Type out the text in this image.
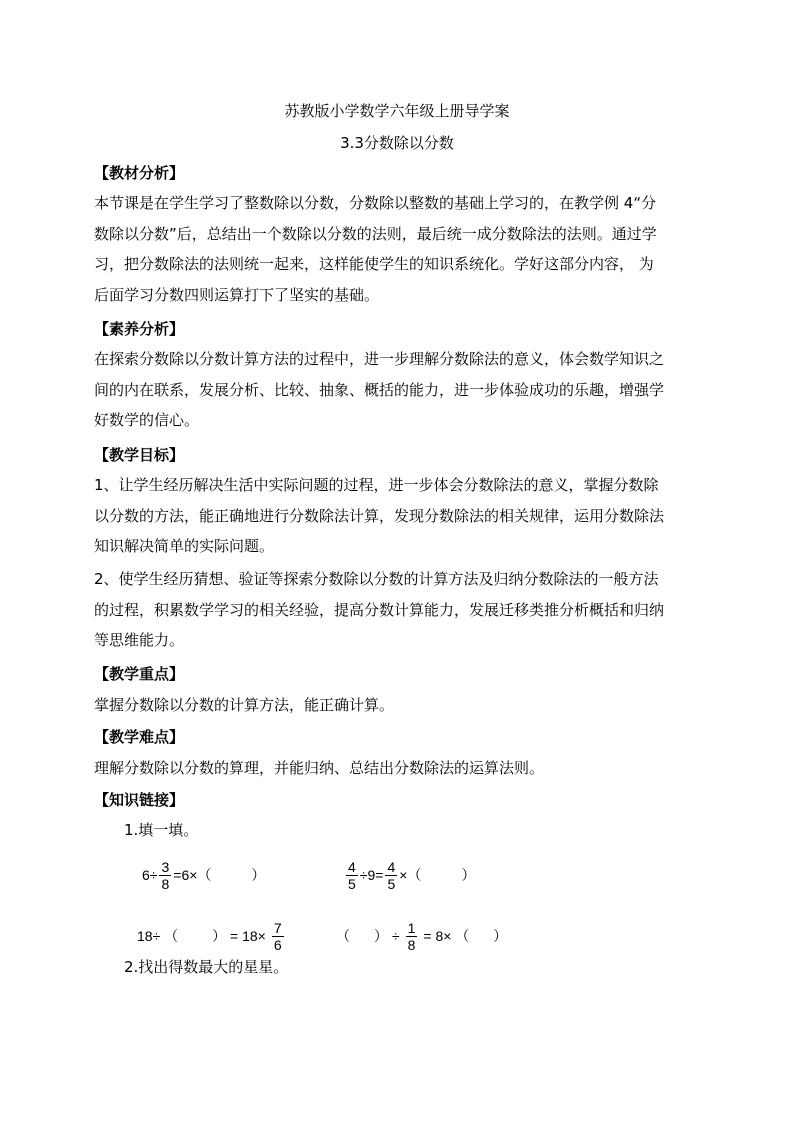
苏教版小学数学六年级上册导学案
3.3分数除以分数
【教材分析】
本节课是在学生学习了整数除以分数，分数除以整数的基础上学习的，在教学例 4“分
数除以分数”后，总结出一个数除以分数的法则，最后统一成分数除法的法则。通过学
习，把分数除法的法则统一起来，这样能使学生的知识系统化。学好这部分内容， 为
后面学习分数四则运算打下了坚实的基础。
【素养分析】
在探索分数除以分数计算方法的过程中，进一步理解分数除法的意义，体会数学知识之
间的内在联系，发展分析、比较、抽象、概括的能力，进一步体验成功的乐趣，增强学
好数学的信心。
【教学目标】
1、让学生经历解决生活中实际问题的过程，进一步体会分数除法的意义，掌握分数除
以分数的方法，能正确地进行分数除法计算，发现分数除法的相关规律，运用分数除法
知识解决简单的实际问题。
2、使学生经历猜想、验证等探索分数除以分数的计算方法及归纳分数除法的一般方法
的过程，积累数学学习的相关经验，提高分数计算能力，发展迁移类推分析概括和归纳
等思维能力。
【教学重点】
掌握分数除以分数的计算方法，能正确计算。
【教学难点】
理解分数除以分数的算理，并能归纳、总结出分数除法的运算法则。
【知识链接】
1.填一填。
$6\div \frac{3}{8} =6\times$（	）	$\frac{4}{5} \div 9= \frac{4}{5}$ ×（	）
18÷ （ ） = $18\times \frac{7}{6}$	（ ） ÷ $\frac{1}{8} = 8\times$ （ ）
2.找出得数最大的星星。
